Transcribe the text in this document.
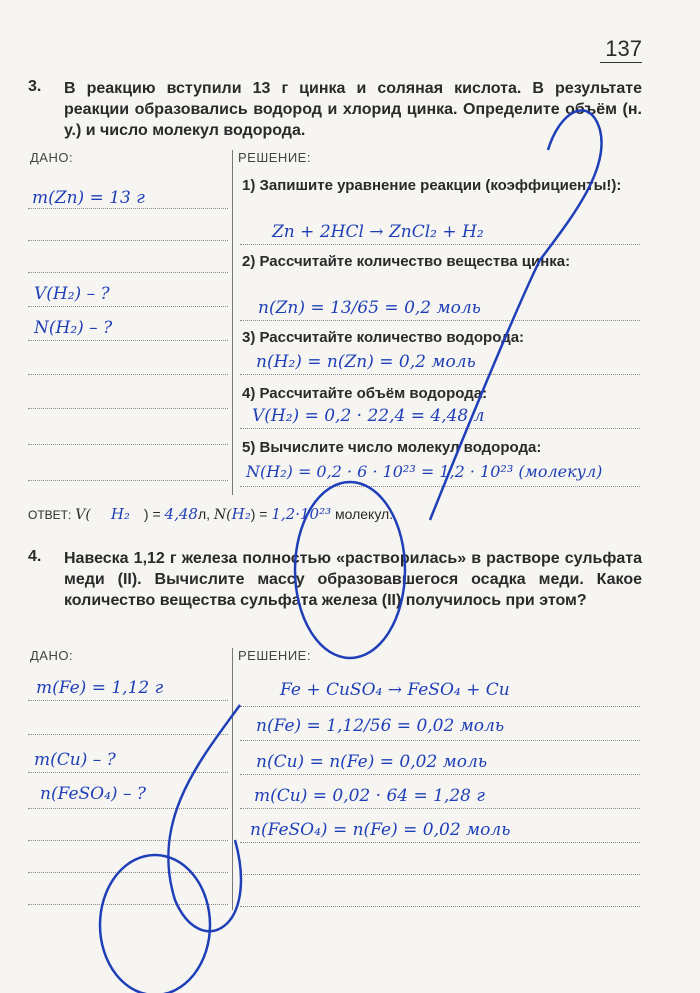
137
3. В реакцию вступили 13 г цинка и соляная кислота. В результате реакции образовались водород и хлорид цинка. Определите объём (н. у.) и число молекул водорода.
ДАНО:	РЕШЕНИЕ:
1) Запишите уравнение реакции (коэффициенты!):
2) Рассчитайте количество вещества цинка:
3) Рассчитайте количество водорода:
4) Рассчитайте объём водорода:
5) Вычислите число молекул водорода:
m(Zn) = 13 г
V(H₂) – ?
N(H₂) – ?
Zn + 2HCl → ZnCl₂ + H₂
n(Zn) = 13/65 = 0,2 моль
n(H₂) = n(Zn) = 0,2 моль
V(H₂) = 0,2 · 22,4 = 4,48 л
N(H₂) = 0,2 · 6 · 10²³ = 1,2 · 10²³ (молекул)
ОТВЕТ: V( H₂ ) = 4,48л, N(H₂) = 1,2·10²³ молекул.
4. Навеска 1,12 г железа полностью «растворилась» в растворе сульфата меди (II). Вычислите массу образовавшегося осадка меди. Какое количество вещества сульфата железа (II) получилось при этом?
ДАНО:	РЕШЕНИЕ:
m(Fe) = 1,12 г
m(Cu) – ?
n(FeSO₄) – ?
Fe + CuSO₄ → FeSO₄ + Cu
n(Fe) = 1,12/56 = 0,02 моль
n(Cu) = n(Fe) = 0,02 моль
m(Cu) = 0,02 · 64 = 1,28 г
n(FeSO₄) = n(Fe) = 0,02 моль
